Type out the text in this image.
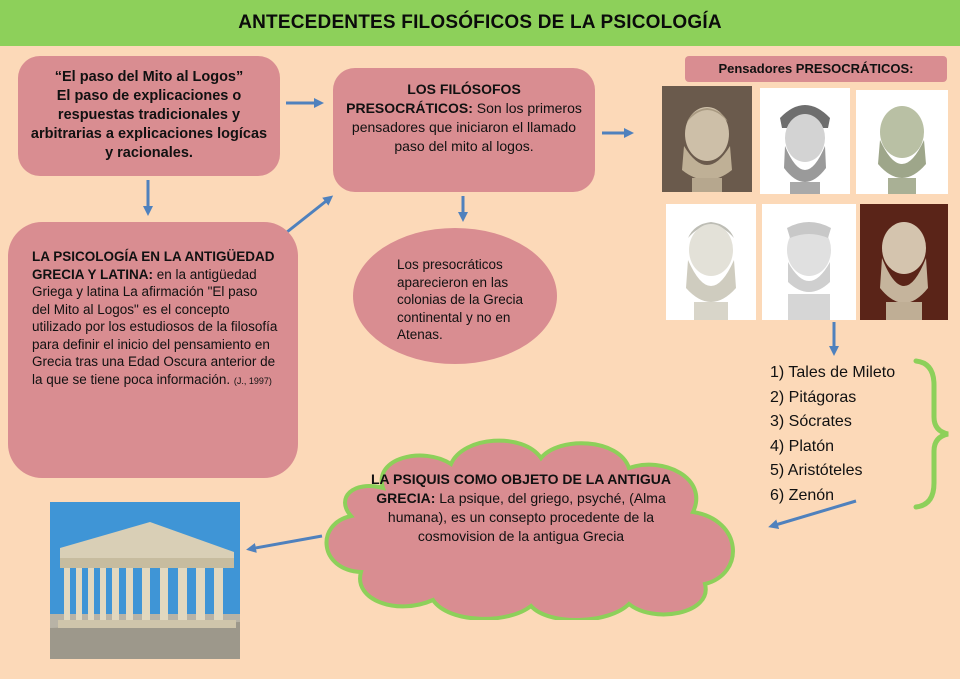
ANTECEDENTES FILOSÓFICOS DE LA PSICOLOGÍA
“El paso del Mito al Logos”
El paso de explicaciones o respuestas tradicionales y arbitrarias a explicaciones logícas y racionales.
LOS FILÓSOFOS PRESOCRÁTICOS: Son los primeros pensadores que iniciaron el llamado paso del mito al logos.
LA PSICOLOGÍA EN LA ANTIGÜEDAD GRECIA Y LATINA: en la antigüedad Griega y latina La afirmación "El paso del Mito al Logos" es el concepto utilizado por los estudiosos de la filosofía para definir el inicio del pensamiento en Grecia tras una Edad Oscura anterior de la que se tiene poca información. (J., 1997)
Los presocráticos aparecieron en las colonias de la Grecia continental y no en Atenas.
Pensadores PRESOCRÁTICOS:
1) Tales de Mileto
2) Pitágoras
3) Sócrates
4) Platón
5) Aristóteles
6) Zenón
LA PSIQUIS COMO OBJETO DE LA ANTIGUA GRECIA: La psique, del griego, psyché, (Alma humana), es un consepto procedente de la cosmovision de la antigua Grecia
